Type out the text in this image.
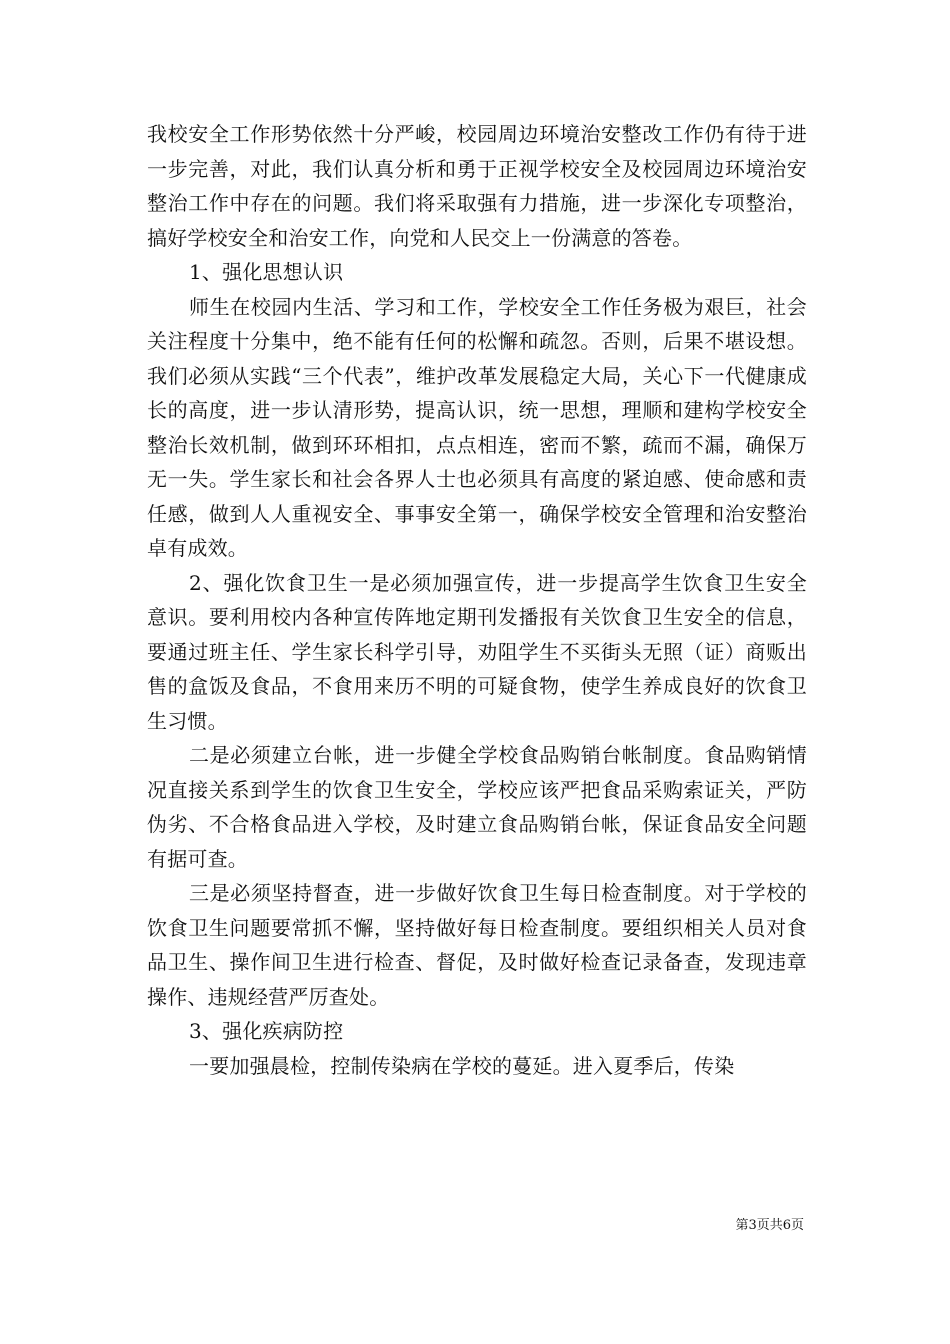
我校安全工作形势依然十分严峻，校园周边环境治安整改工作仍有待于进一步完善，对此，我们认真分析和勇于正视学校安全及校园周边环境治安整治工作中存在的问题。我们将采取强有力措施，进一步深化专项整治，搞好学校安全和治安工作，向党和人民交上一份满意的答卷。

1、强化思想认识

师生在校园内生活、学习和工作，学校安全工作任务极为艰巨，社会关注程度十分集中，绝不能有任何的松懈和疏忽。否则，后果不堪设想。我们必须从实践“三个代表”，维护改革发展稳定大局，关心下一代健康成长的高度，进一步认清形势，提高认识，统一思想，理顺和建构学校安全整治长效机制，做到环环相扣，点点相连，密而不繁，疏而不漏，确保万无一失。学生家长和社会各界人士也必须具有高度的紧迫感、使命感和责任感，做到人人重视安全、事事安全第一，确保学校安全管理和治安整治卓有成效。

2、强化饮食卫生一是必须加强宣传，进一步提高学生饮食卫生安全意识。要利用校内各种宣传阵地定期刊发播报有关饮食卫生安全的信息，要通过班主任、学生家长科学引导，劝阻学生不买街头无照（证）商贩出售的盒饭及食品，不食用来历不明的可疑食物，使学生养成良好的饮食卫生习惯。

二是必须建立台帐，进一步健全学校食品购销台帐制度。食品购销情况直接关系到学生的饮食卫生安全，学校应该严把食品采购索证关，严防伪劣、不合格食品进入学校，及时建立食品购销台帐，保证食品安全问题有据可查。

三是必须坚持督查，进一步做好饮食卫生每日检查制度。对于学校的饮食卫生问题要常抓不懈，坚持做好每日检查制度。要组织相关人员对食品卫生、操作间卫生进行检查、督促，及时做好检查记录备查，发现违章操作、违规经营严厉查处。

3、强化疾病防控

一要加强晨检，控制传染病在学校的蔓延。进入夏季后，传染

第3页共6页
